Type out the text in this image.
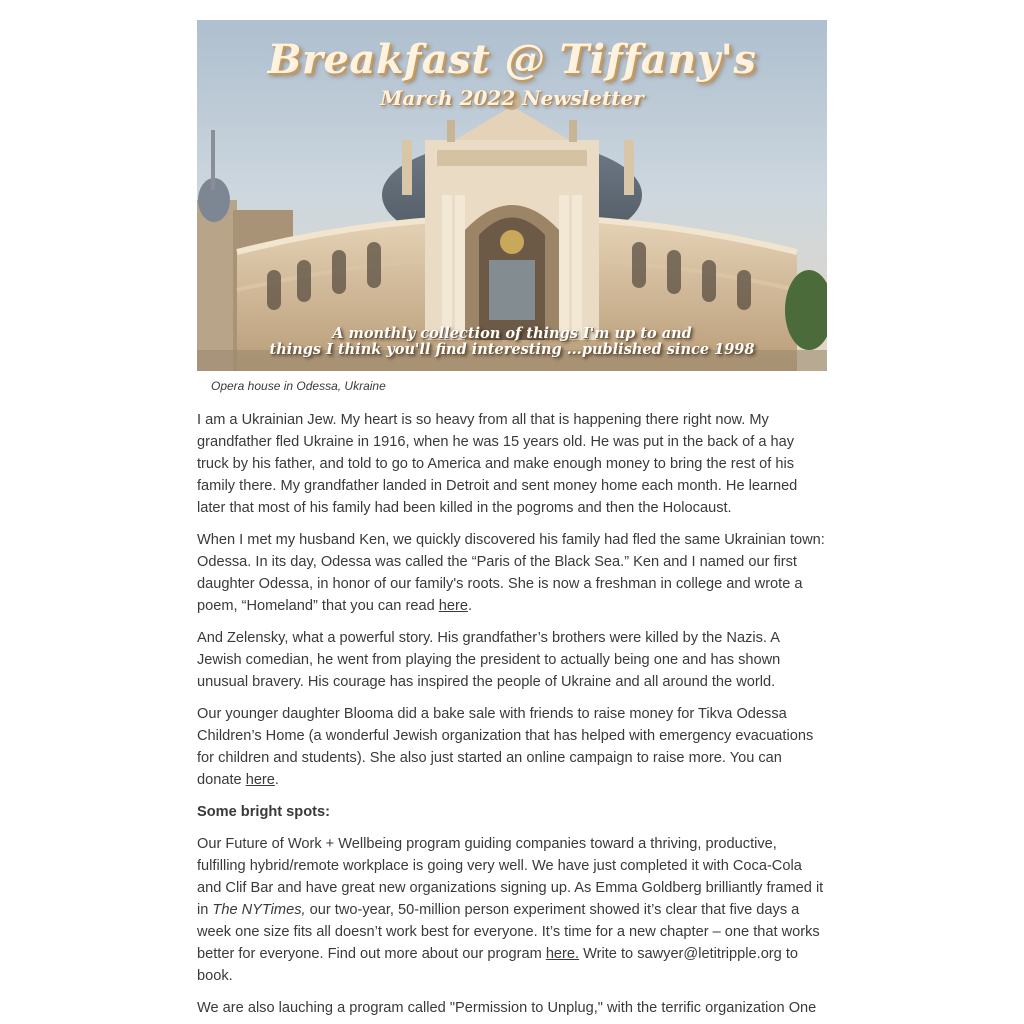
Breakfast @ Tiffany's
March 2022 Newsletter
A monthly collection of things I'm up to and
things I think you'll find interesting ...published since 1998
Opera house in Odessa, Ukraine

I am a Ukrainian Jew. My heart is so heavy from all that is happening there right now. My grandfather fled Ukraine in 1916, when he was 15 years old. He was put in the back of a hay truck by his father, and told to go to America and make enough money to bring the rest of his family there. My grandfather landed in Detroit and sent money home each month. He learned later that most of his family had been killed in the pogroms and then the Holocaust.

When I met my husband Ken, we quickly discovered his family had fled the same Ukrainian town: Odessa. In its day, Odessa was called the “Paris of the Black Sea.” Ken and I named our first daughter Odessa, in honor of our family's roots. She is now a freshman in college and wrote a poem, “Homeland” that you can read here.

And Zelensky, what a powerful story. His grandfather’s brothers were killed by the Nazis. A Jewish comedian, he went from playing the president to actually being one and has shown unusual bravery. His courage has inspired the people of Ukraine and all around the world.

Our younger daughter Blooma did a bake sale with friends to raise money for Tikva Odessa Children’s Home (a wonderful Jewish organization that has helped with emergency evacuations for children and students). She also just started an online campaign to raise more. You can donate here.

Some bright spots:

Our Future of Work + Wellbeing program guiding companies toward a thriving, productive, fulfilling hybrid/remote workplace is going very well. We have just completed it with Coca-Cola and Clif Bar and have great new organizations signing up. As Emma Goldberg brilliantly framed it in The NYTimes, our two-year, 50-million person experiment showed it’s clear that five days a week one size fits all doesn’t work best for everyone. It’s time for a new chapter – one that works better for everyone. Find out more about our program here. Write to sawyer@letitripple.org to book.

We are also lauching a program called "Permission to Unplug," with the terrific organization One
